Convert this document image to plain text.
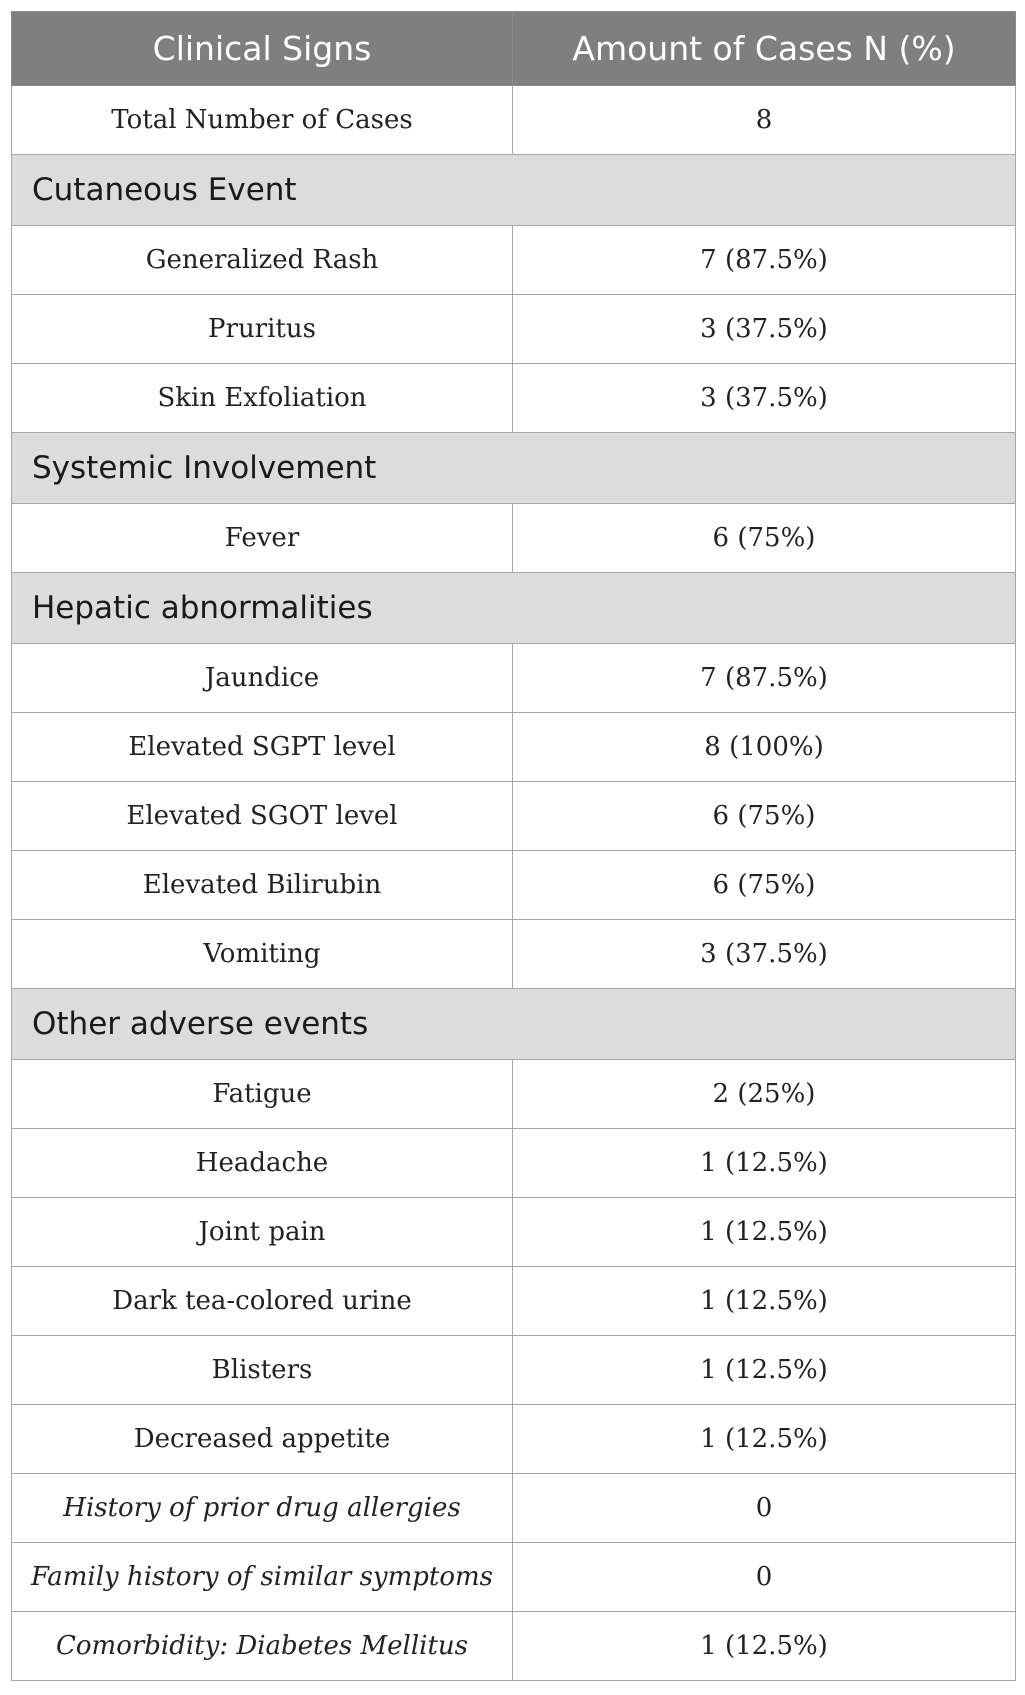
Clinical Signs	Amount of Cases N (%)
Total Number of Cases	8
Cutaneous Event	
Generalized Rash	7 (87.5%)
Pruritus	3 (37.5%)
Skin Exfoliation	3 (37.5%)
Systemic Involvement	
Fever	6 (75%)
Hepatic abnormalities	
Jaundice	7 (87.5%)
Elevated SGPT level	8 (100%)
Elevated SGOT level	6 (75%)
Elevated Bilirubin	6 (75%)
Vomiting	3 (37.5%)
Other adverse events	
Fatigue	2 (25%)
Headache	1 (12.5%)
Joint pain	1 (12.5%)
Dark tea-colored urine	1 (12.5%)
Blisters	1 (12.5%)
Decreased appetite	1 (12.5%)
History of prior drug allergies	0
Family history of similar symptoms	0
Comorbidity: Diabetes Mellitus	1 (12.5%)
